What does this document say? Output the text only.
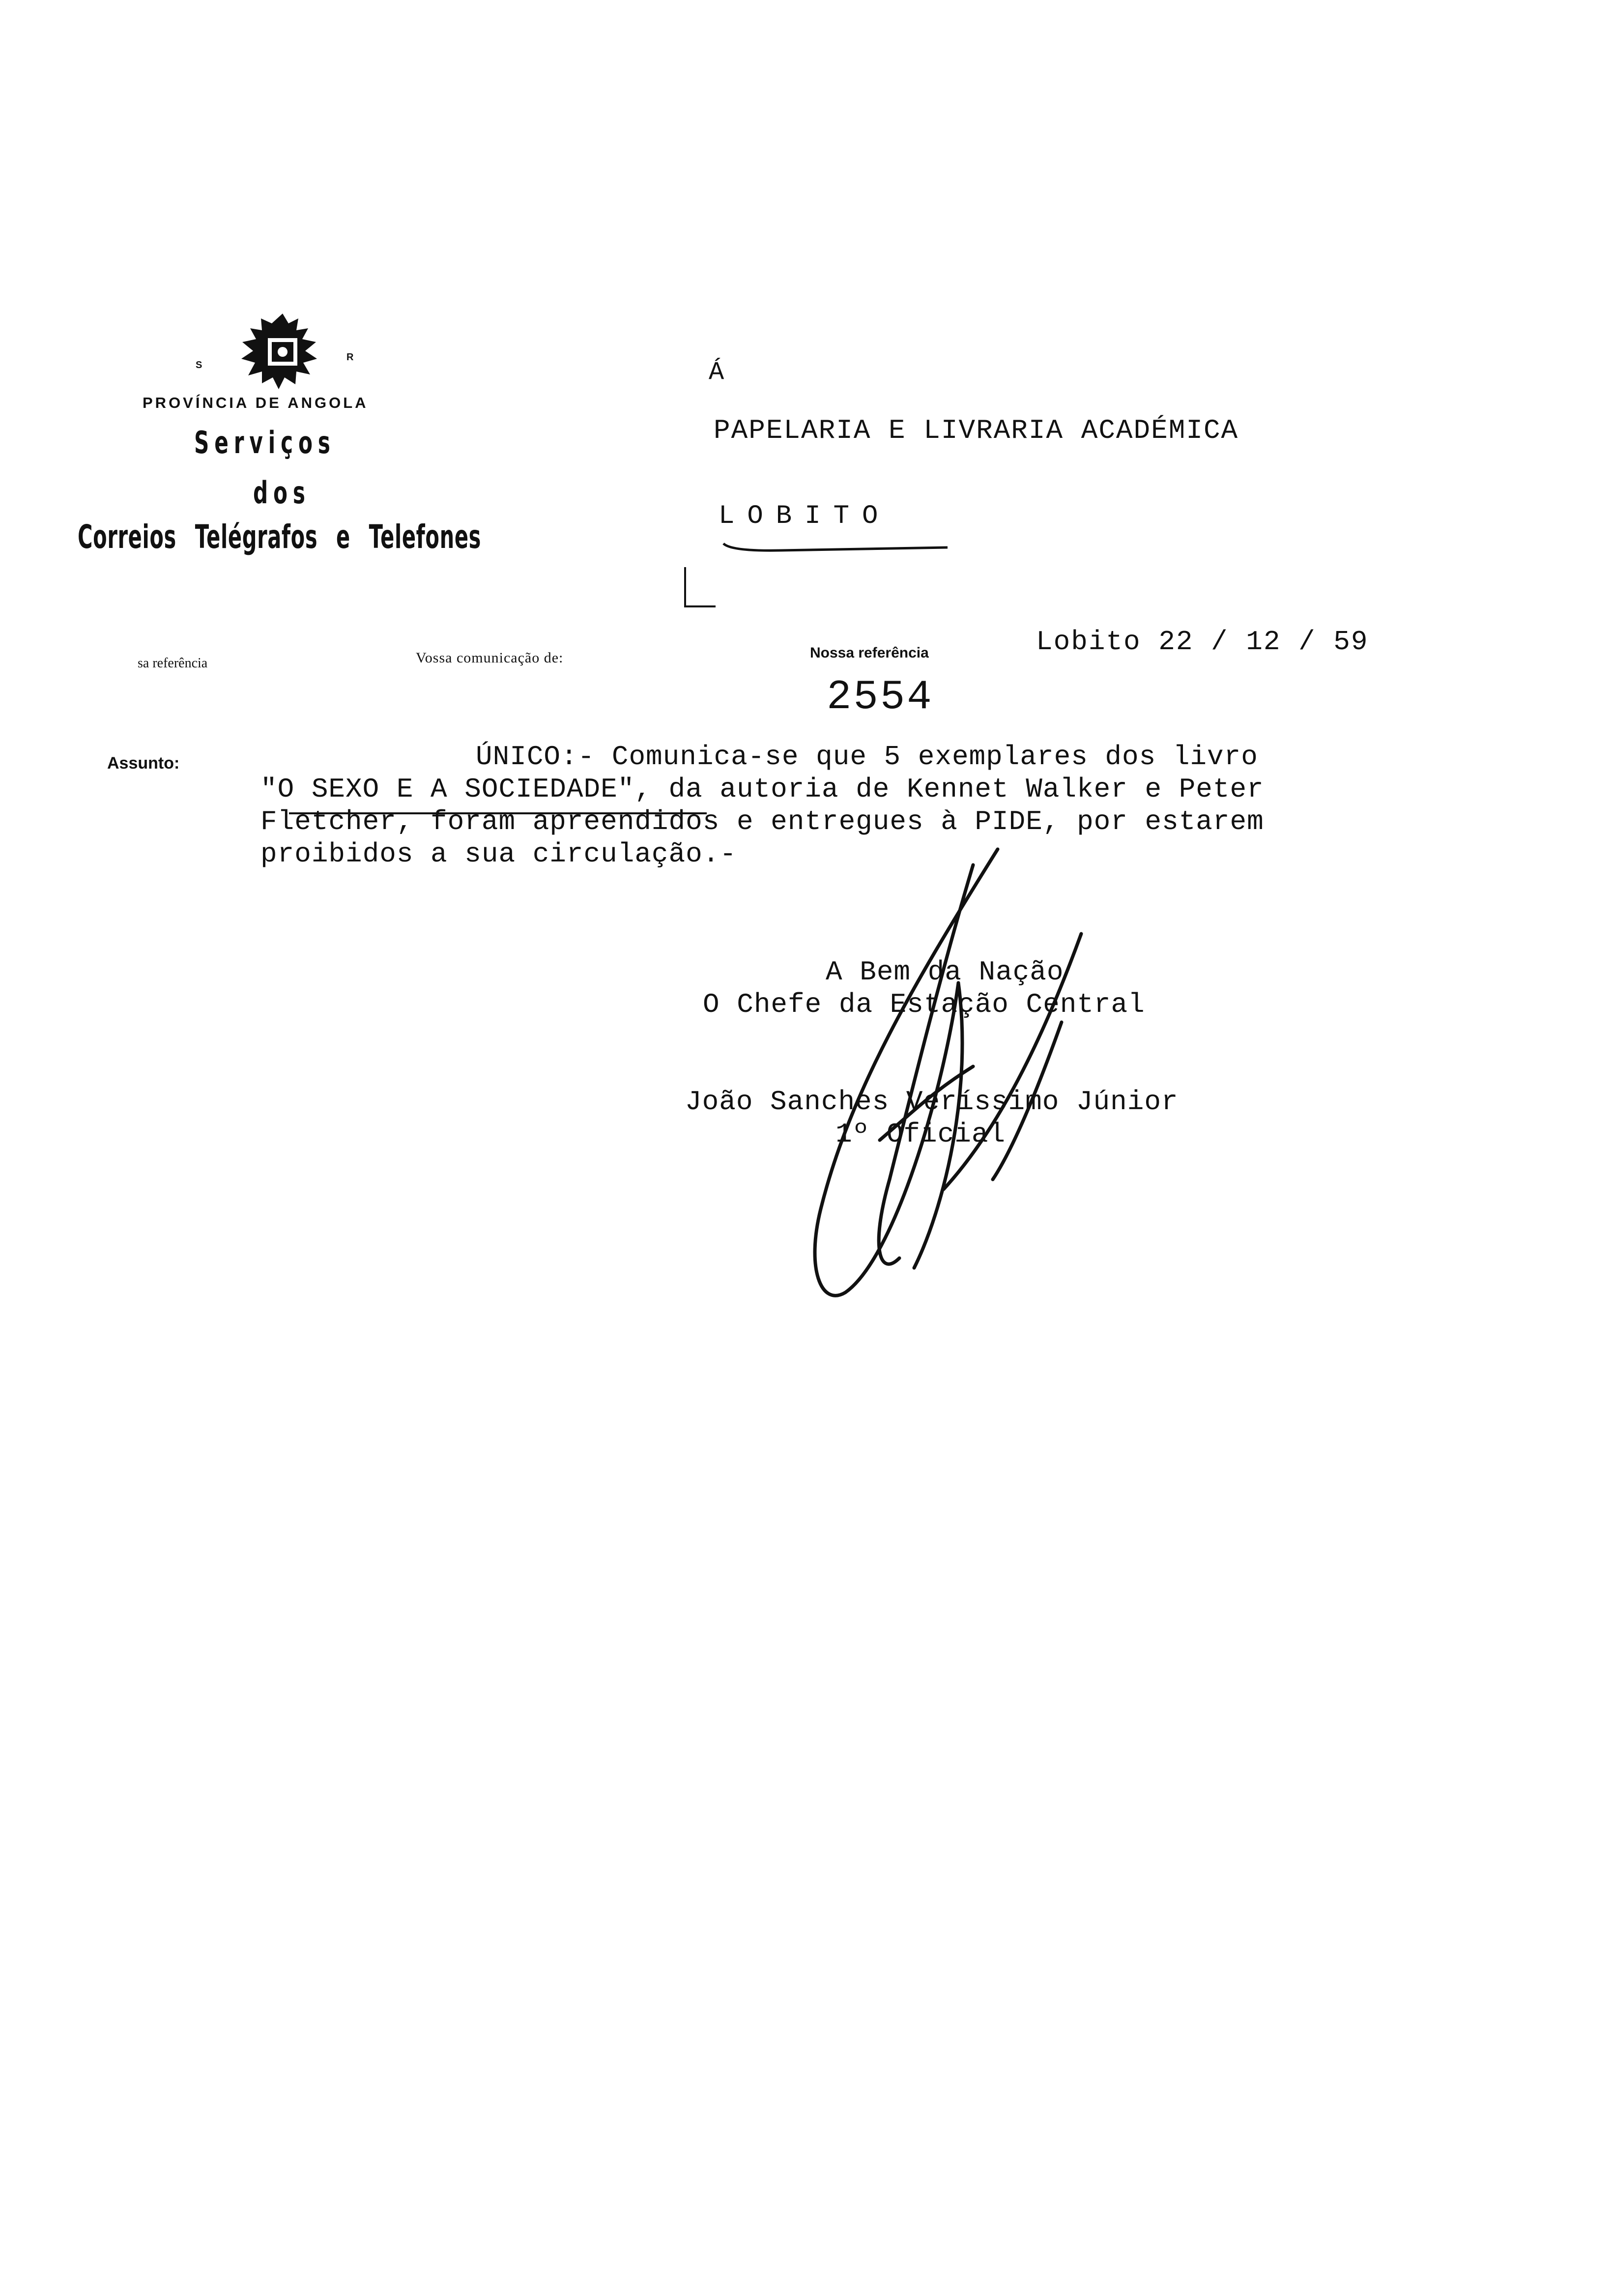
S
R
PROVÍNCIA DE ANGOLA
Serviços
dos
Correios Telégrafos e Telefones
Á
PAPELARIA E LIVRARIA ACADÉMICA
LOBITO
sa referência	Vossa comunicação de:	Nossa referência	Lobito 22 / 12 / 59
2554
Assunto:	ÚNICO:- Comunica-se que 5 exemplares dos livro
"O SEXO E A SOCIEDADE", da autoria de Kennet Walker e Peter
Fletcher, foram apreendidos e entregues à PIDE, por estarem
proibidos a sua circulação.-
A Bem da Nação
O Chefe da Estação Central
João Sanches Veríssimo Júnior
1º Oficial
